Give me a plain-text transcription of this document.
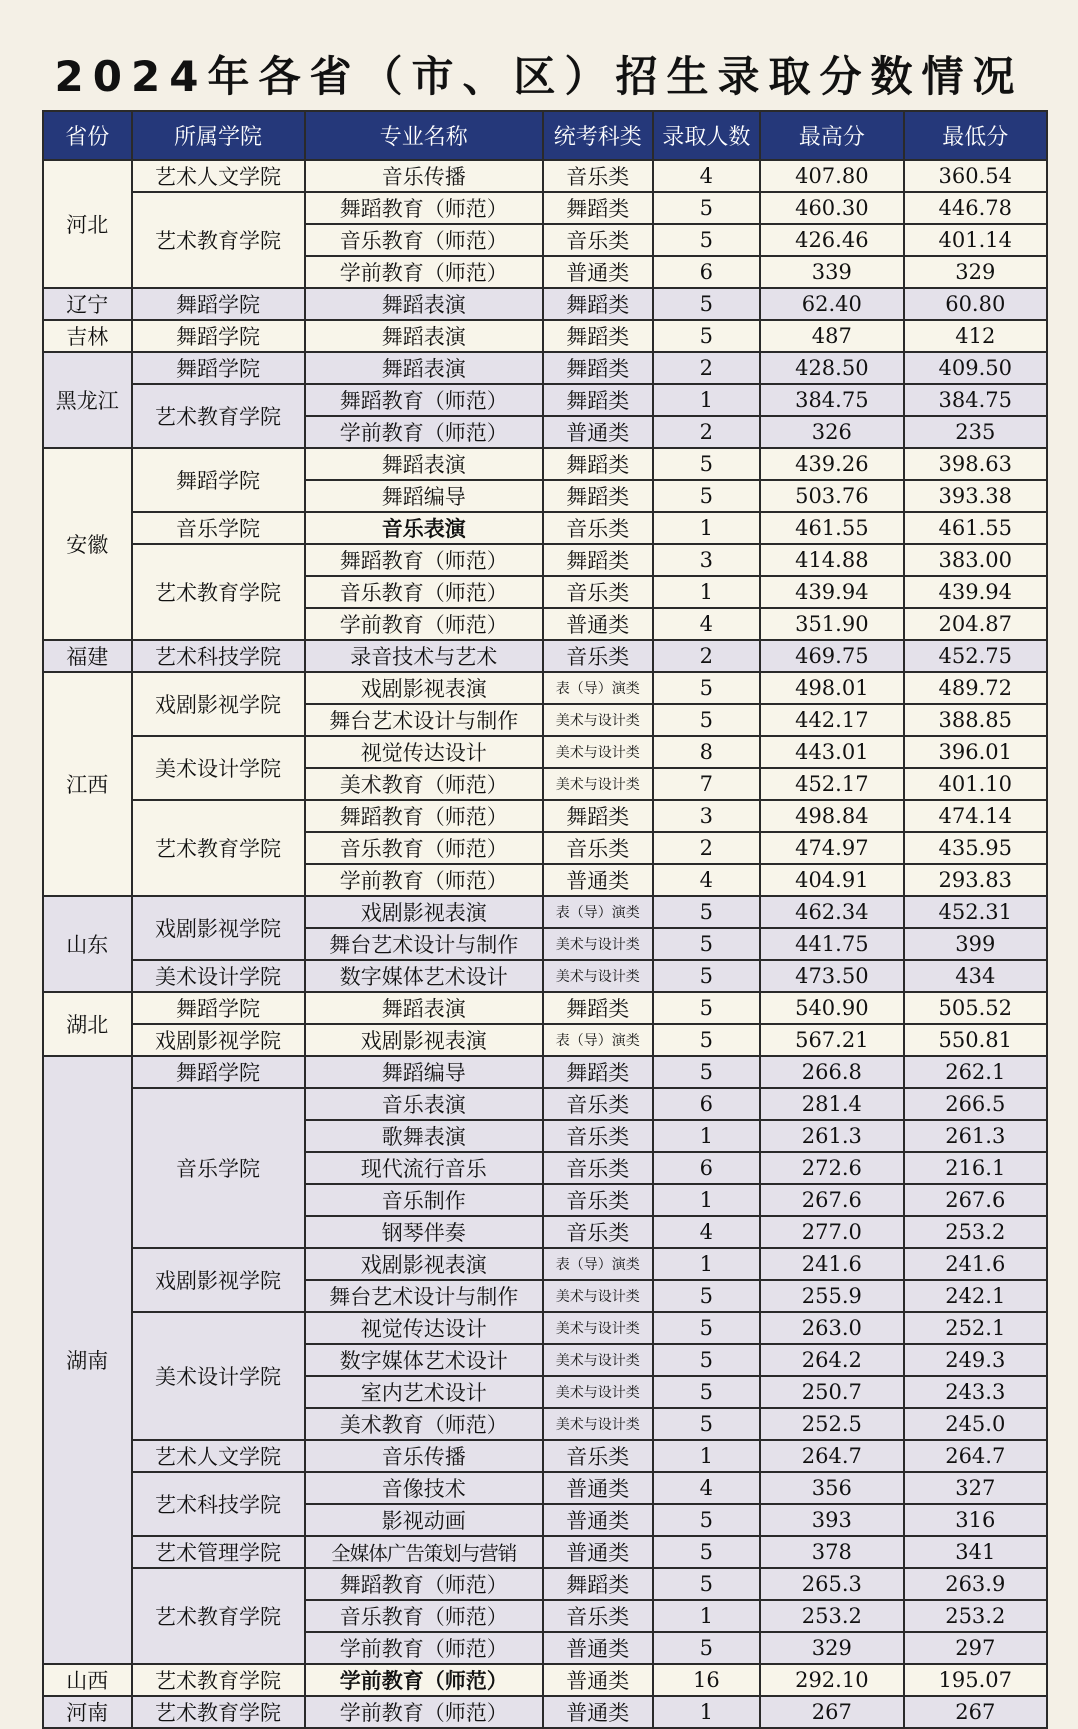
2024年各省（市、区）招生录取分数情况
省份	所属学院	专业名称	统考科类	录取人数	最高分	最低分
河北	艺术人文学院	音乐传播	音乐类	4	407.80	360.54
	艺术教育学院	舞蹈教育（师范）	舞蹈类	5	460.30	446.78
		音乐教育（师范）	音乐类	5	426.46	401.14
		学前教育（师范）	普通类	6	339	329
辽宁	舞蹈学院	舞蹈表演	舞蹈类	5	62.40	60.80
吉林	舞蹈学院	舞蹈表演	舞蹈类	5	487	412
黑龙江	舞蹈学院	舞蹈表演	舞蹈类	2	428.50	409.50
	艺术教育学院	舞蹈教育（师范）	舞蹈类	1	384.75	384.75
		学前教育（师范）	普通类	2	326	235
安徽	舞蹈学院	舞蹈表演	舞蹈类	5	439.26	398.63
		舞蹈编导	舞蹈类	5	503.76	393.38
	音乐学院	音乐表演	音乐类	1	461.55	461.55
	艺术教育学院	舞蹈教育（师范）	舞蹈类	3	414.88	383.00
		音乐教育（师范）	音乐类	1	439.94	439.94
		学前教育（师范）	普通类	4	351.90	204.87
福建	艺术科技学院	录音技术与艺术	音乐类	2	469.75	452.75
江西	戏剧影视学院	戏剧影视表演	表（导）演类	5	498.01	489.72
		舞台艺术设计与制作	美术与设计类	5	442.17	388.85
	美术设计学院	视觉传达设计	美术与设计类	8	443.01	396.01
		美术教育（师范）	美术与设计类	7	452.17	401.10
	艺术教育学院	舞蹈教育（师范）	舞蹈类	3	498.84	474.14
		音乐教育（师范）	音乐类	2	474.97	435.95
		学前教育（师范）	普通类	4	404.91	293.83
山东	戏剧影视学院	戏剧影视表演	表（导）演类	5	462.34	452.31
		舞台艺术设计与制作	美术与设计类	5	441.75	399
	美术设计学院	数字媒体艺术设计	美术与设计类	5	473.50	434
湖北	舞蹈学院	舞蹈表演	舞蹈类	5	540.90	505.52
	戏剧影视学院	戏剧影视表演	表（导）演类	5	567.21	550.81
湖南	舞蹈学院	舞蹈编导	舞蹈类	5	266.8	262.1
	音乐学院	音乐表演	音乐类	6	281.4	266.5
		歌舞表演	音乐类	1	261.3	261.3
		现代流行音乐	音乐类	6	272.6	216.1
		音乐制作	音乐类	1	267.6	267.6
		钢琴伴奏	音乐类	4	277.0	253.2
	戏剧影视学院	戏剧影视表演	表（导）演类	1	241.6	241.6
		舞台艺术设计与制作	美术与设计类	5	255.9	242.1
	美术设计学院	视觉传达设计	美术与设计类	5	263.0	252.1
		数字媒体艺术设计	美术与设计类	5	264.2	249.3
		室内艺术设计	美术与设计类	5	250.7	243.3
		美术教育（师范）	美术与设计类	5	252.5	245.0
	艺术人文学院	音乐传播	音乐类	1	264.7	264.7
	艺术科技学院	音像技术	普通类	4	356	327
		影视动画	普通类	5	393	316
	艺术管理学院	全媒体广告策划与营销	普通类	5	378	341
	艺术教育学院	舞蹈教育（师范）	舞蹈类	5	265.3	263.9
		音乐教育（师范）	音乐类	1	253.2	253.2
		学前教育（师范）	普通类	5	329	297
山西	艺术教育学院	学前教育（师范）	普通类	16	292.10	195.07
河南	艺术教育学院	学前教育（师范）	普通类	1	267	267
